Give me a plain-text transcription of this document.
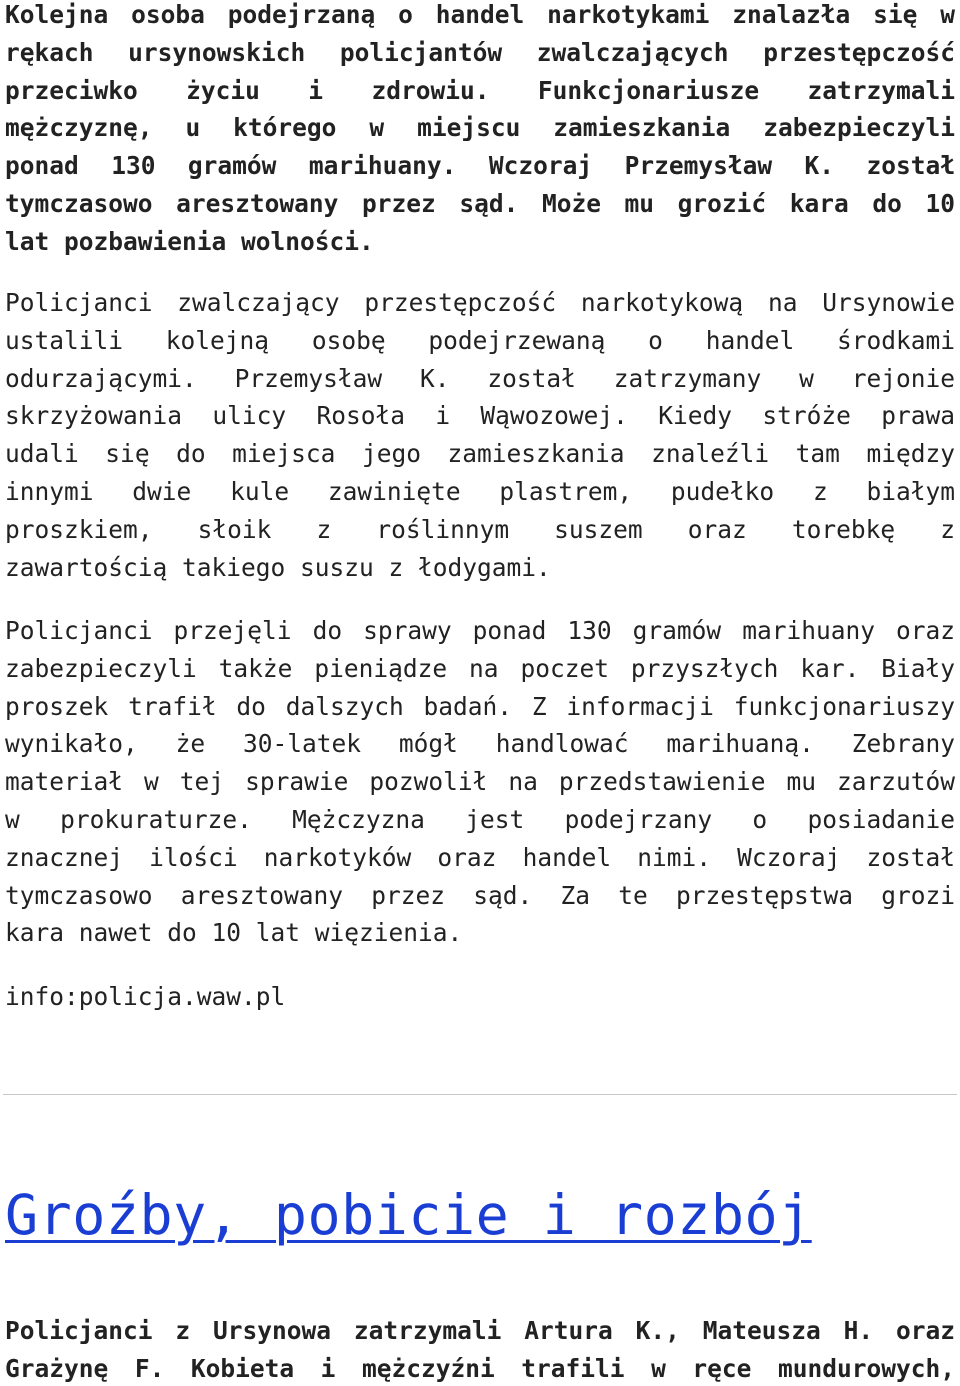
Kolejna osoba podejrzaną o handel narkotykami znalazła się w
rękach ursynowskich policjantów zwalczających przestępczość
przeciwko życiu i zdrowiu. Funkcjonariusze zatrzymali
mężczyznę, u którego w miejscu zamieszkania zabezpieczyli
ponad 130 gramów marihuany. Wczoraj Przemysław K. został
tymczasowo aresztowany przez sąd. Może mu grozić kara do 10
lat pozbawienia wolności.

Policjanci zwalczający przestępczość narkotykową na Ursynowie
ustalili kolejną osobę podejrzewaną o handel środkami
odurzającymi. Przemysław K. został zatrzymany w rejonie
skrzyżowania ulicy Rosoła i Wąwozowej. Kiedy stróże prawa
udali się do miejsca jego zamieszkania znaleźli tam między
innymi dwie kule zawinięte plastrem, pudełko z białym
proszkiem, słoik z roślinnym suszem oraz torebkę z
zawartością takiego suszu z łodygami.

Policjanci przejęli do sprawy ponad 130 gramów marihuany oraz
zabezpieczyli także pieniądze na poczet przyszłych kar. Biały
proszek trafił do dalszych badań. Z informacji funkcjonariuszy
wynikało, że 30-latek mógł handlować marihuaną. Zebrany
materiał w tej sprawie pozwolił na przedstawienie mu zarzutów
w prokuraturze. Mężczyzna jest podejrzany o posiadanie
znacznej ilości narkotyków oraz handel nimi. Wczoraj został
tymczasowo aresztowany przez sąd. Za te przestępstwa grozi
kara nawet do 10 lat więzienia.

info:policja.waw.pl

Groźby, pobicie i rozbój

Policjanci z Ursynowa zatrzymali Artura K., Mateusza H. oraz
Grażynę F. Kobieta i mężczyźni trafili w ręce mundurowych,
